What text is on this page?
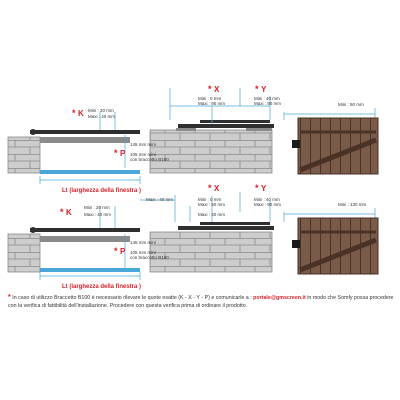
* K Mini : 20 mm
Maxi : 40 mm
* P
145 mm mini
105 mm mini
con braccetto B100
* X
Mini : 0 mm
Maxi : 90 mm
* Y
Mini : 40 mm
Maxi : 90 mm
Lt (larghezza della finestra )
Mini : 90 mm
* K
Mini : 20 mm
Maxi : 40 mm
Maxi : 40 mm
* P
145 mm mini
105 mm mini
con braccetto B100
* X
Mini : 0 mm
Maxi : 50 mm
Maxi : 40 mm
* Y
Mini : 40 mm
Maxi : 90 mm
Lt (larghezza della finestra )
Mini : 130 mm
* In caso di utilizzo Braccetto B100 è necessario rilevare le quote esatte (K - X - Y - P) e comunicarle a : portale@gmscreen.it in modo che Somfy possa procedere con la verifica di fattibilità dell'installazione. Procedere con questa verifica prima di ordinare il prodotto.
